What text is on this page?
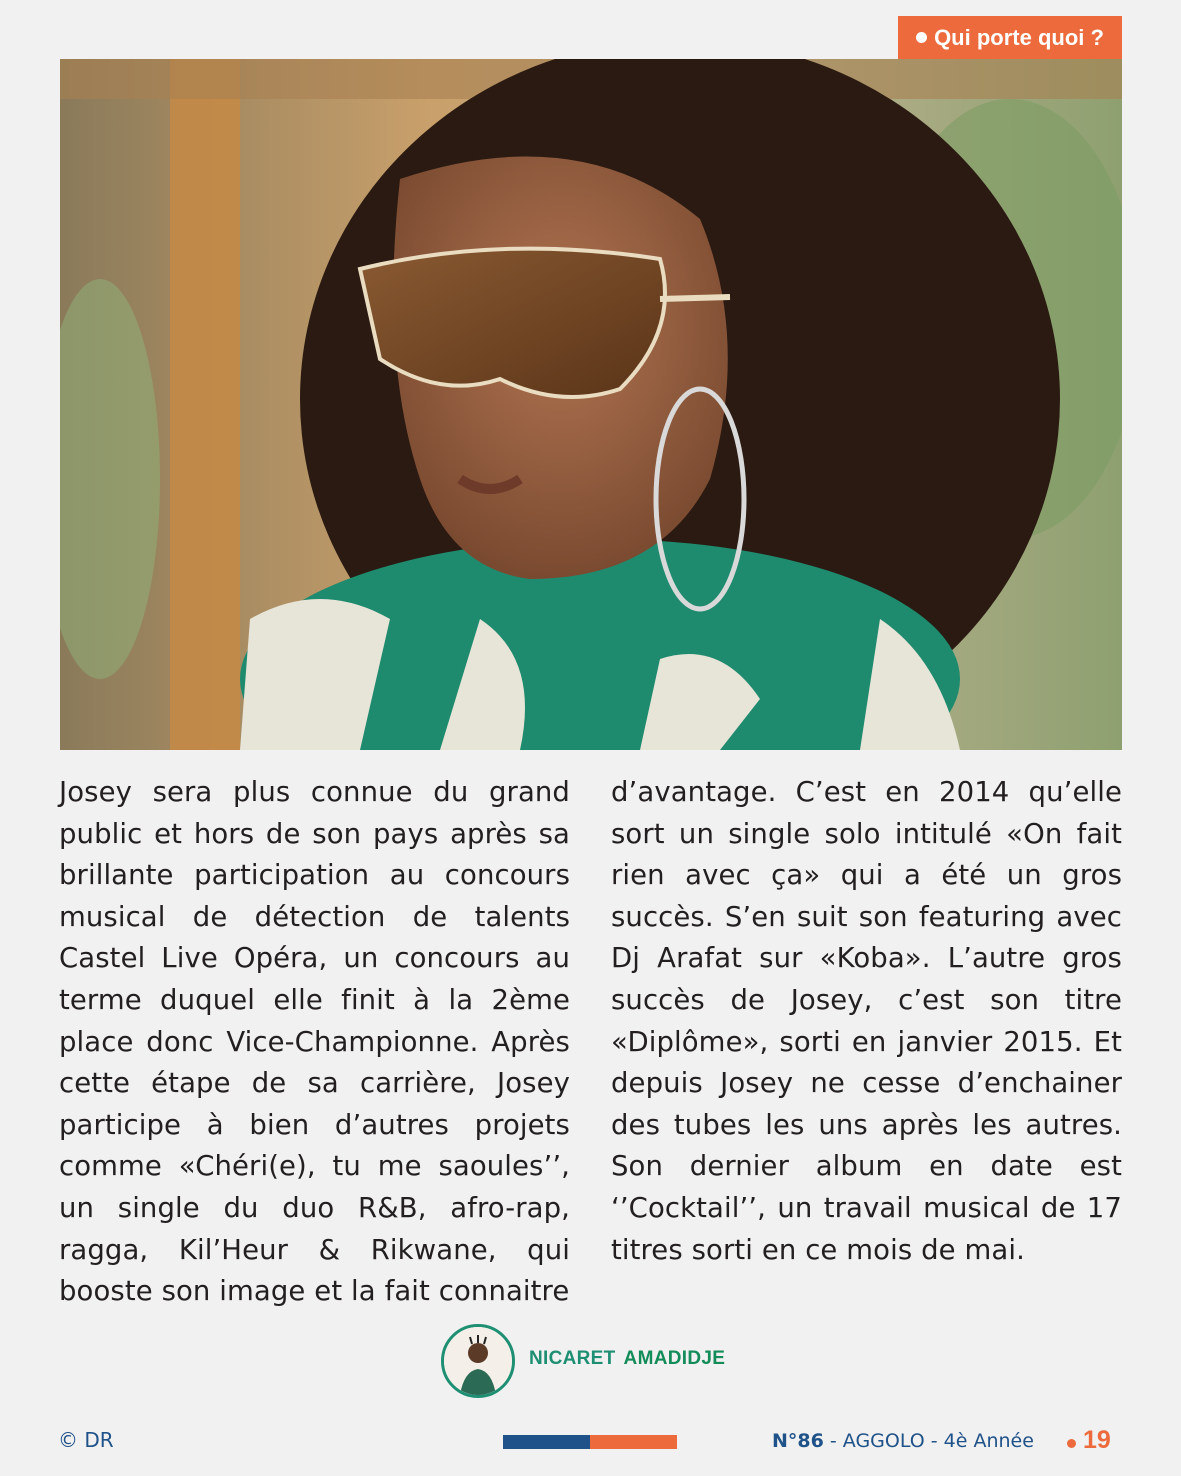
Qui porte quoi ?
Josey sera plus connue du grand public et hors de son pays après sa brillante participation au concours musical de détection de talents Castel Live Opéra, un concours au terme duquel elle finit à la 2ème place donc Vice-Championne. Après cette étape de sa carrière, Josey participe à bien d’autres projets comme «Chéri(e), tu me saoules’’, un single du duo R&B, afro-rap, ragga, Kil’Heur & Rikwane, qui booste son image et la fait connaitre
d’avantage. C’est en 2014 qu’elle sort un single solo intitulé «On fait rien avec ça» qui a été un gros succès. S’en suit son featuring avec Dj Arafat sur «Koba». L’autre gros succès de Josey, c’est son titre «Diplôme», sorti en janvier 2015. Et depuis Josey ne cesse d’enchainer des tubes les uns après les autres. Son dernier album en date est ‘’Cocktail’’, un travail musical de 17 titres sorti en ce mois de mai.
NICARET AMADIDJE
© DR	N°86 - AGGOLO - 4è Année 19
